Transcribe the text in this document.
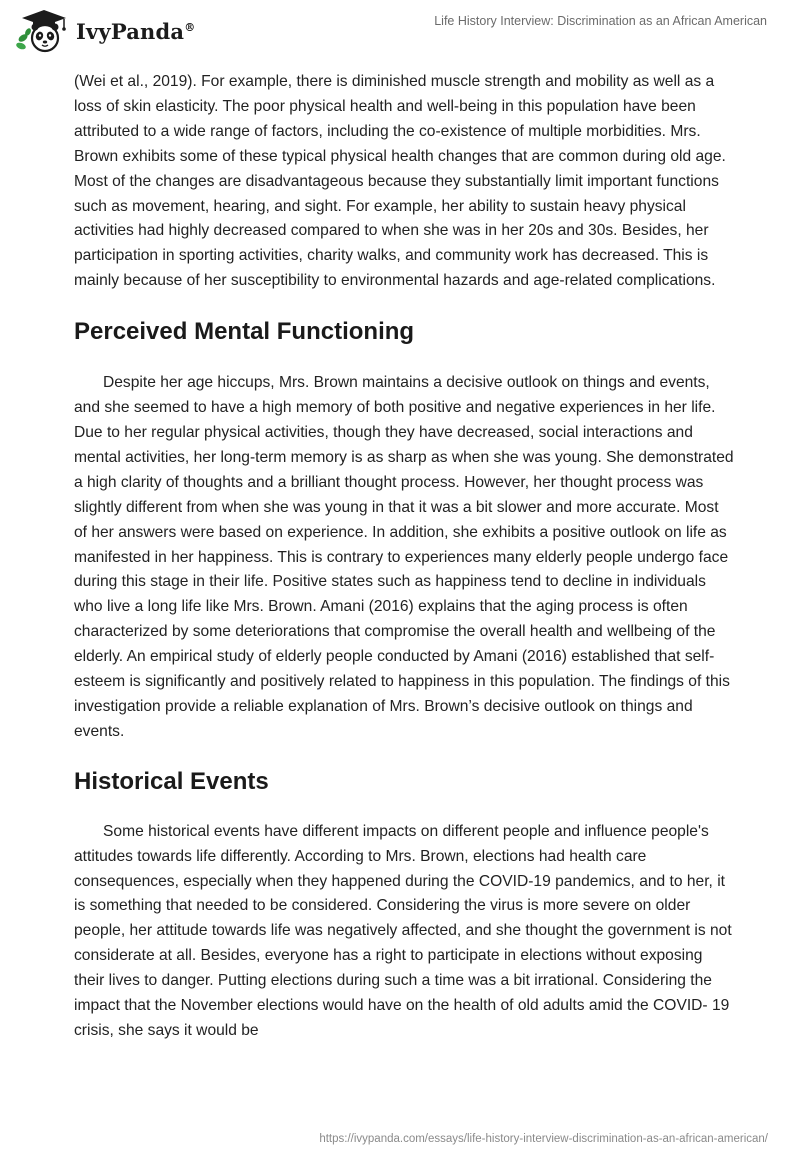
IvyPanda®	Life History Interview: Discrimination as an African American

(Wei et al., 2019). For example, there is diminished muscle strength and mobility as well as a loss of skin elasticity. The poor physical health and well-being in this population have been attributed to a wide range of factors, including the co-existence of multiple morbidities. Mrs. Brown exhibits some of these typical physical health changes that are common during old age. Most of the changes are disadvantageous because they substantially limit important functions such as movement, hearing, and sight. For example, her ability to sustain heavy physical activities had highly decreased compared to when she was in her 20s and 30s. Besides, her participation in sporting activities, charity walks, and community work has decreased. This is mainly because of her susceptibility to environmental hazards and age-related complications.

Perceived Mental Functioning

Despite her age hiccups, Mrs. Brown maintains a decisive outlook on things and events, and she seemed to have a high memory of both positive and negative experiences in her life. Due to her regular physical activities, though they have decreased, social interactions and mental activities, her long-term memory is as sharp as when she was young. She demonstrated a high clarity of thoughts and a brilliant thought process. However, her thought process was slightly different from when she was young in that it was a bit slower and more accurate. Most of her answers were based on experience. In addition, she exhibits a positive outlook on life as manifested in her happiness. This is contrary to experiences many elderly people undergo face during this stage in their life. Positive states such as happiness tend to decline in individuals who live a long life like Mrs. Brown. Amani (2016) explains that the aging process is often characterized by some deteriorations that compromise the overall health and wellbeing of the elderly. An empirical study of elderly people conducted by Amani (2016) established that self-esteem is significantly and positively related to happiness in this population. The findings of this investigation provide a reliable explanation of Mrs. Brown’s decisive outlook on things and events.

Historical Events

Some historical events have different impacts on different people and influence people's attitudes towards life differently. According to Mrs. Brown, elections had health care consequences, especially when they happened during the COVID-19 pandemics, and to her, it is something that needed to be considered. Considering the virus is more severe on older people, her attitude towards life was negatively affected, and she thought the government is not considerate at all. Besides, everyone has a right to participate in elections without exposing their lives to danger. Putting elections during such a time was a bit irrational. Considering the impact that the November elections would have on the health of old adults amid the COVID- 19 crisis, she says it would be

https://ivypanda.com/essays/life-history-interview-discrimination-as-an-african-american/
